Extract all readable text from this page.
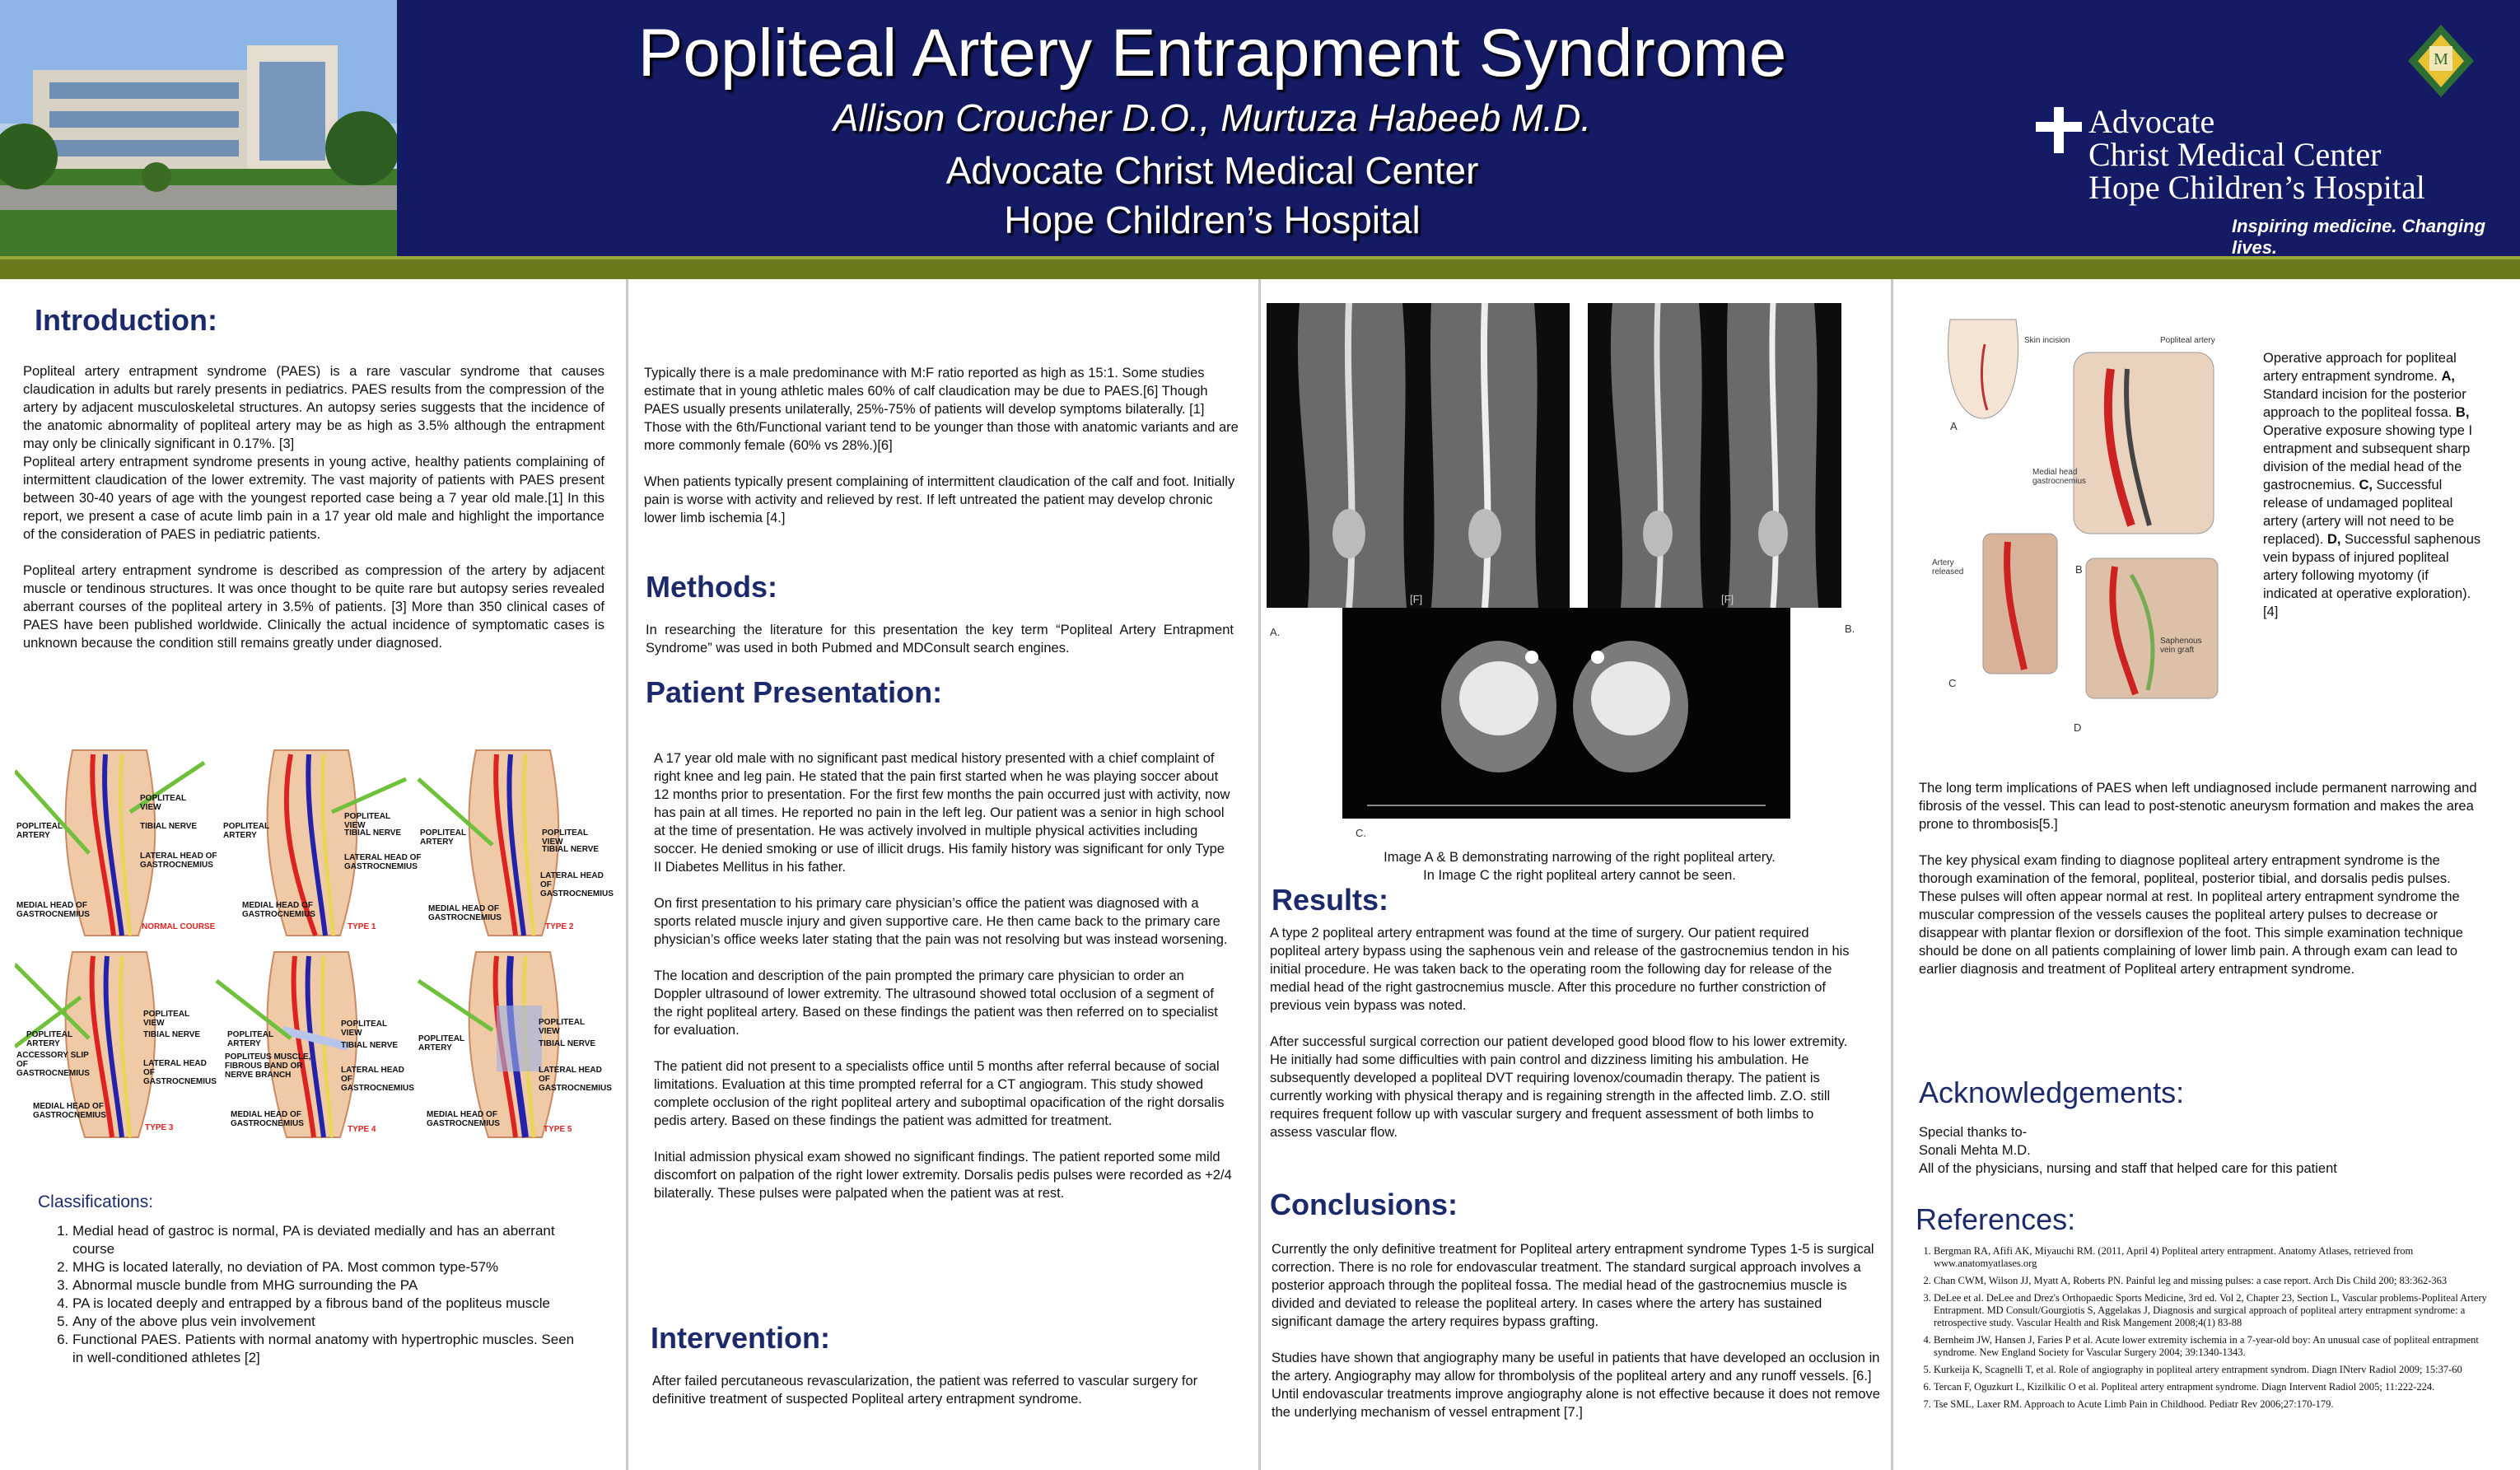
Popliteal Artery Entrapment Syndrome
Allison Croucher D.O., Murtuza Habeeb M.D.
Advocate Christ Medical Center
Hope Children’s Hospital
Advocate
Christ Medical Center
Hope Children’s Hospital
Inspiring medicine. Changing lives.
M
Introduction:
Popliteal artery entrapment syndrome (PAES) is a rare vascular syndrome that causes claudication in adults but rarely presents in pediatrics. PAES results from the compression of the artery by adjacent musculoskeletal structures. An autopsy series suggests that the incidence of the anatomic abnormality of popliteal artery may be as high as 3.5% although the entrapment may only be clinically significant in 0.17%. [3]
Popliteal artery entrapment syndrome presents in young active, healthy patients complaining of intermittent claudication of the lower extremity. The vast majority of patients with PAES present between 30-40 years of age with the youngest reported case being a 7 year old male.[1] In this report, we present a case of acute limb pain in a 17 year old male and highlight the importance of the consideration of PAES in pediatric patients.
Popliteal artery entrapment syndrome is described as compression of the artery by adjacent muscle or tendinous structures. It was once thought to be quite rare but autopsy series revealed aberrant courses of the popliteal artery in 3.5% of patients. [3] More than 350 clinical cases of PAES have been published worldwide. Clinically the actual incidence of symptomatic cases is unknown because the condition still remains greatly under diagnosed.
POPLITEAL ARTERY
POPLITEAL VIEW
TIBIAL NERVE
LATERAL HEAD OF GASTROCNEMIUS
MEDIAL HEAD OF GASTROCNEMIUS
NORMAL COURSE
POPLITEAL ARTERY
POPLITEAL VIEW
TIBIAL NERVE
LATERAL HEAD OF GASTROCNEMIUS
MEDIAL HEAD OF GASTROCNEMIUS
TYPE 1
POPLITEAL ARTERY
POPLITEAL VIEW
TIBIAL NERVE
LATERAL HEAD OF GASTROCNEMIUS
MEDIAL HEAD OF GASTROCNEMIUS
TYPE 2
POPLITEAL ARTERY
ACCESSORY SLIP OF GASTROCNEMIUS
POPLITEAL VIEW
TIBIAL NERVE
LATERAL HEAD OF GASTROCNEMIUS
MEDIAL HEAD OF GASTROCNEMIUS
TYPE 3
POPLITEAL ARTERY
POPLITEUS MUSCLE, FIBROUS BAND OR NERVE BRANCH
POPLITEAL VIEW
TIBIAL NERVE
LATERAL HEAD OF GASTROCNEMIUS
MEDIAL HEAD OF GASTROCNEMIUS
TYPE 4
POPLITEAL ARTERY
POPLITEAL VIEW
TIBIAL NERVE
LATERAL HEAD OF GASTROCNEMIUS
MEDIAL HEAD OF GASTROCNEMIUS
TYPE 5
Classifications:
1. Medial head of gastroc is normal, PA is deviated medially and has an aberrant course
2. MHG is located laterally, no deviation of PA. Most common type-57%
3. Abnormal muscle bundle from MHG surrounding the PA
4. PA is located deeply and entrapped by a fibrous band of the popliteus muscle
5. Any of the above plus vein involvement
6. Functional PAES. Patients with normal anatomy with hypertrophic muscles. Seen in well-conditioned athletes [2]
Typically there is a male predominance with M:F ratio reported as high as 15:1. Some studies estimate that in young athletic males 60% of calf claudication may be due to PAES.[6] Though PAES usually presents unilaterally, 25%-75% of patients will develop symptoms bilaterally. [1] Those with the 6th/Functional variant tend to be younger than those with anatomic variants and are more commonly female (60% vs 28%.)[6]
When patients typically present complaining of intermittent claudication of the calf and foot. Initially pain is worse with activity and relieved by rest. If left untreated the patient may develop chronic lower limb ischemia [4.]
Methods:
In researching the literature for this presentation the key term “Popliteal Artery Entrapment Syndrome” was used in both Pubmed and MDConsult search engines.
Patient Presentation:
A 17 year old male with no significant past medical history presented with a chief complaint of right knee and leg pain. He stated that the pain first started when he was playing soccer about 12 months prior to presentation. For the first few months the pain occurred just with activity, now has pain at all times. He reported no pain in the left leg. Our patient was a senior in high school at the time of presentation. He was actively involved in multiple physical activities including soccer. He denied smoking or use of illicit drugs. His family history was significant for only Type II Diabetes Mellitus in his father.
On first presentation to his primary care physician’s office the patient was diagnosed with a sports related muscle injury and given supportive care. He then came back to the primary care physician’s office weeks later stating that the pain was not resolving but was instead worsening.
The location and description of the pain prompted the primary care physician to order an Doppler ultrasound of lower extremity. The ultrasound showed total occlusion of a segment of the right popliteal artery. Based on these findings the patient was then referred on to specialist for evaluation.
The patient did not present to a specialists office until 5 months after referral because of social limitations. Evaluation at this time prompted referral for a CT angiogram. This study showed complete occlusion of the right popliteal artery and suboptimal opacification of the right dorsalis pedis artery. Based on these findings the patient was admitted for treatment.
Initial admission physical exam showed no significant findings. The patient reported some mild discomfort on palpation of the right lower extremity. Dorsalis pedis pulses were recorded as +2/4 bilaterally. These pulses were palpated when the patient was at rest.
Intervention:
After failed percutaneous revascularization, the patient was referred to vascular surgery for definitive treatment of suspected Popliteal artery entrapment syndrome.
[F]	[F]
A.	B.
C.
Image A & B demonstrating narrowing of the right popliteal artery.
In Image C the right popliteal artery cannot be seen.
Results:
A type 2 popliteal artery entrapment was found at the time of surgery. Our patient required popliteal artery bypass using the saphenous vein and release of the gastrocnemius tendon in his initial procedure. He was taken back to the operating room the following day for release of the medial head of the right gastrocnemius muscle. After this procedure no further constriction of previous vein bypass was noted.
After successful surgical correction our patient developed good blood flow to his lower extremity. He initially had some difficulties with pain control and dizziness limiting his ambulation. He subsequently developed a popliteal DVT requiring lovenox/coumadin therapy. The patient is currently working with physical therapy and is regaining strength in the affected limb. Z.O. still requires frequent follow up with vascular surgery and frequent assessment of both limbs to assess vascular flow.
Conclusions:
Currently the only definitive treatment for Popliteal artery entrapment syndrome Types 1-5 is surgical correction. There is no role for endovascular treatment. The standard surgical approach involves a posterior approach through the popliteal fossa. The medial head of the gastrocnemius muscle is divided and deviated to release the popliteal artery. In cases where the artery has sustained significant damage the artery requires bypass grafting.
Studies have shown that angiography many be useful in patients that have developed an occlusion in the artery. Angiography may allow for thrombolysis of the popliteal artery and any runoff vessels. [6.] Until endovascular treatments improve angiography alone is not effective because it does not remove the underlying mechanism of vessel entrapment [7.]
Skin incision	Popliteal artery
Medial head gastrocnemius
Artery released
Saphenous vein graft
A
B
C
D
Operative approach for popliteal artery entrapment syndrome. A, Standard incision for the posterior approach to the popliteal fossa. B, Operative exposure showing type I entrapment and subsequent sharp division of the medial head of the gastrocnemius. C, Successful release of undamaged popliteal artery (artery will not need to be replaced). D, Successful saphenous vein bypass of injured popliteal artery following myotomy (if indicated at operative exploration).[4]
The long term implications of PAES when left undiagnosed include permanent narrowing and fibrosis of the vessel. This can lead to post-stenotic aneurysm formation and makes the area prone to thrombosis[5.]
The key physical exam finding to diagnose popliteal artery entrapment syndrome is the thorough examination of the femoral, popliteal, posterior tibial, and dorsalis pedis pulses. These pulses will often appear normal at rest. In popliteal artery entrapment syndrome the muscular compression of the vessels causes the popliteal artery pulses to decrease or disappear with plantar flexion or dorsiflexion of the foot. This simple examination technique should be done on all patients complaining of lower limb pain. A through exam can lead to earlier diagnosis and treatment of Popliteal artery entrapment syndrome.
Acknowledgements:
Special thanks to-
Sonali Mehta M.D.
All of the physicians, nursing and staff that helped care for this patient
References:
1. Bergman RA, Afifi AK, Miyauchi RM. (2011, April 4) Popliteal artery entrapment. Anatomy Atlases, retrieved from www.anatomyatlases.org
2. Chan CWM, Wilson JJ, Myatt A, Roberts PN. Painful leg and missing pulses: a case report. Arch Dis Child 200; 83:362-363
3. DeLee et al. DeLee and Drez's Orthopaedic Sports Medicine, 3rd ed. Vol 2, Chapter 23, Section L, Vascular problems-Popliteal Artery Entrapment. MD Consult/Gourgiotis S, Aggelakas J, Diagnosis and surgical approach of popliteal artery entrapment syndrome: a retrospective study. Vascular Health and Risk Mangement 2008;4(1) 83-88
4. Bernheim JW, Hansen J, Faries P et al. Acute lower extremity ischemia in a 7-year-old boy: An unusual case of popliteal entrapment syndrome. New England Society for Vascular Surgery 2004; 39:1340-1343.
5. Kurkeija K, Scagnelli T, et al. Role of angiography in popliteal artery entrapment syndrom. Diagn INterv Radiol 2009; 15:37-60
6. Tercan F, Oguzkurt L, Kizilkilic O et al. Popliteal artery entrapment syndrome. Diagn Intervent Radiol 2005; 11:222-224.
7. Tse SML, Laxer RM. Approach to Acute Limb Pain in Childhood. Pediatr Rev 2006;27:170-179.
